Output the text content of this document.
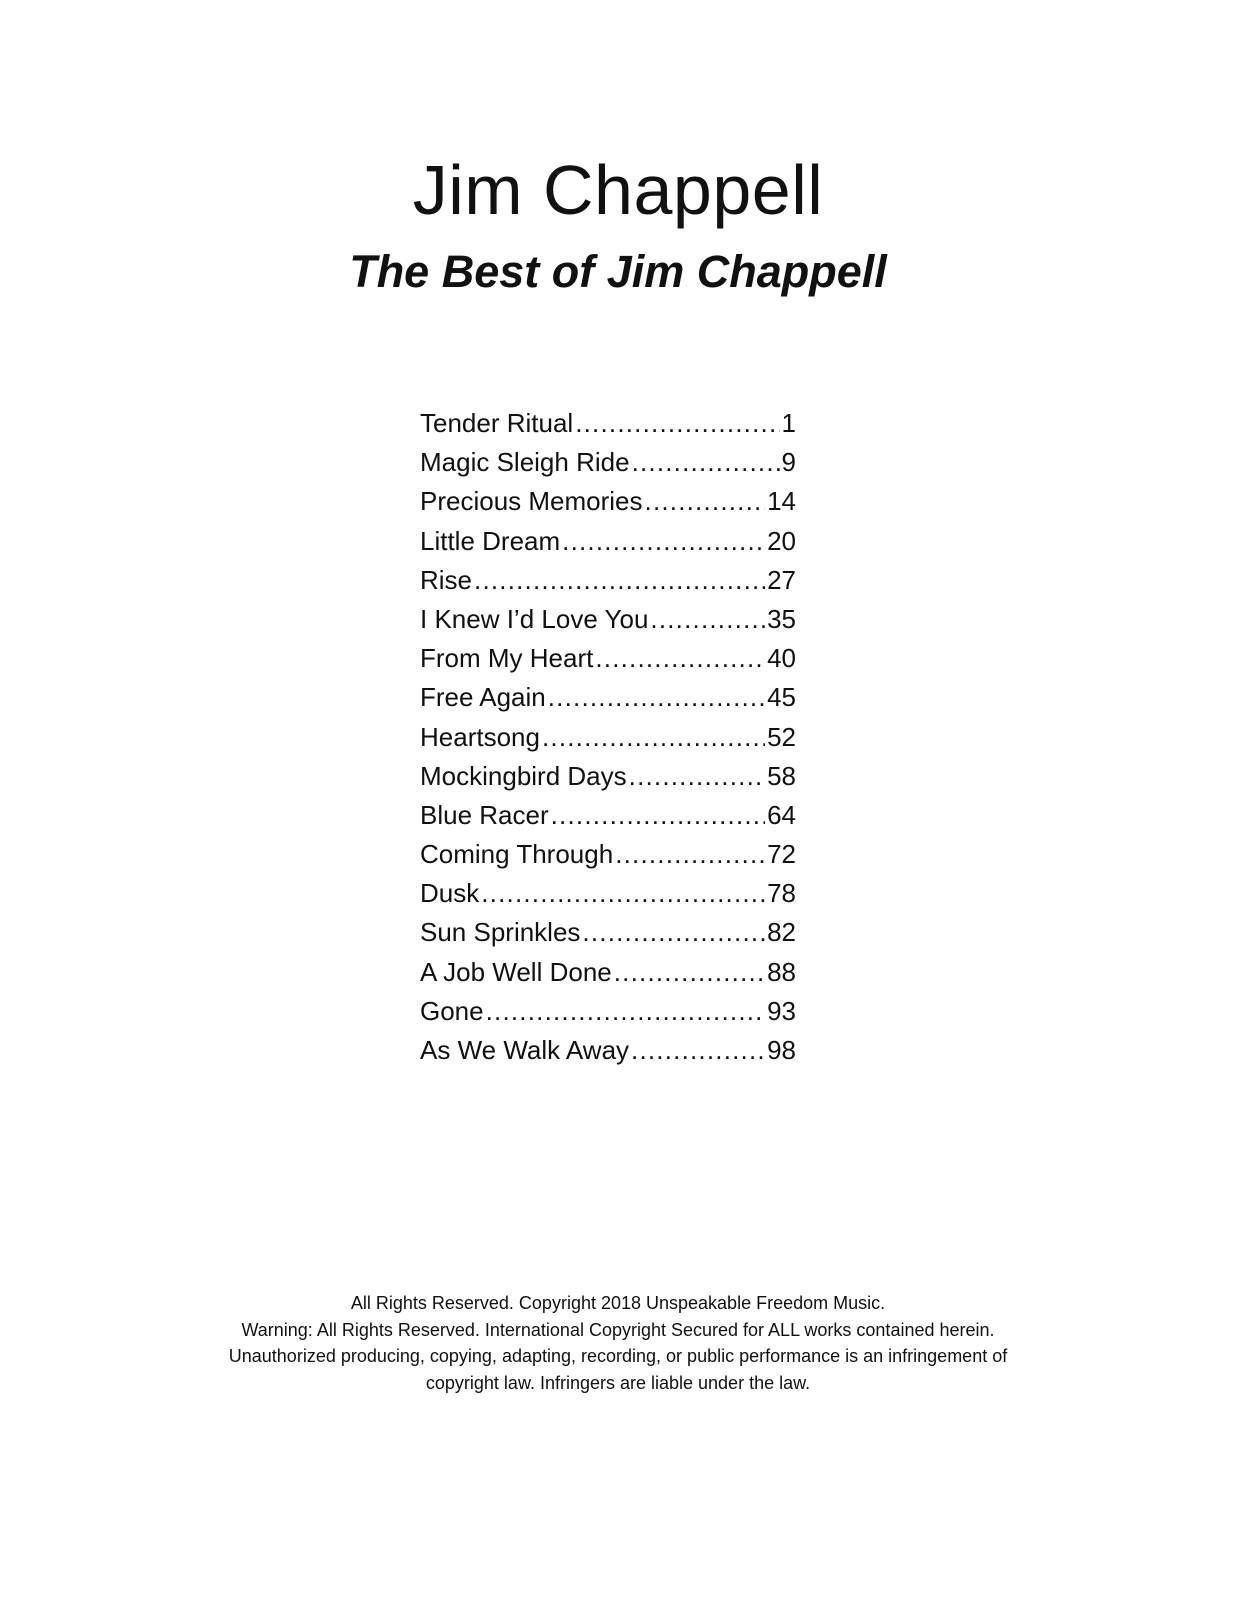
Jim Chappell
The Best of Jim Chappell
Tender Ritual .....	1
Magic Sleigh Ride .....	9
Precious Memories .....	14
Little Dream .....	20
Rise .....	27
I Knew I’d Love You .....	35
From My Heart .....	40
Free Again .....	45
Heartsong .....	52
Mockingbird Days .....	58
Blue Racer .....	64
Coming Through .....	72
Dusk .....	78
Sun Sprinkles .....	82
A Job Well Done .....	88
Gone .....	93
As We Walk Away .....	98
All Rights Reserved. Copyright 2018 Unspeakable Freedom Music.
Warning: All Rights Reserved. International Copyright Secured for ALL works contained herein.
Unauthorized producing, copying, adapting, recording, or public performance is an infringement of
copyright law. Infringers are liable under the law.
